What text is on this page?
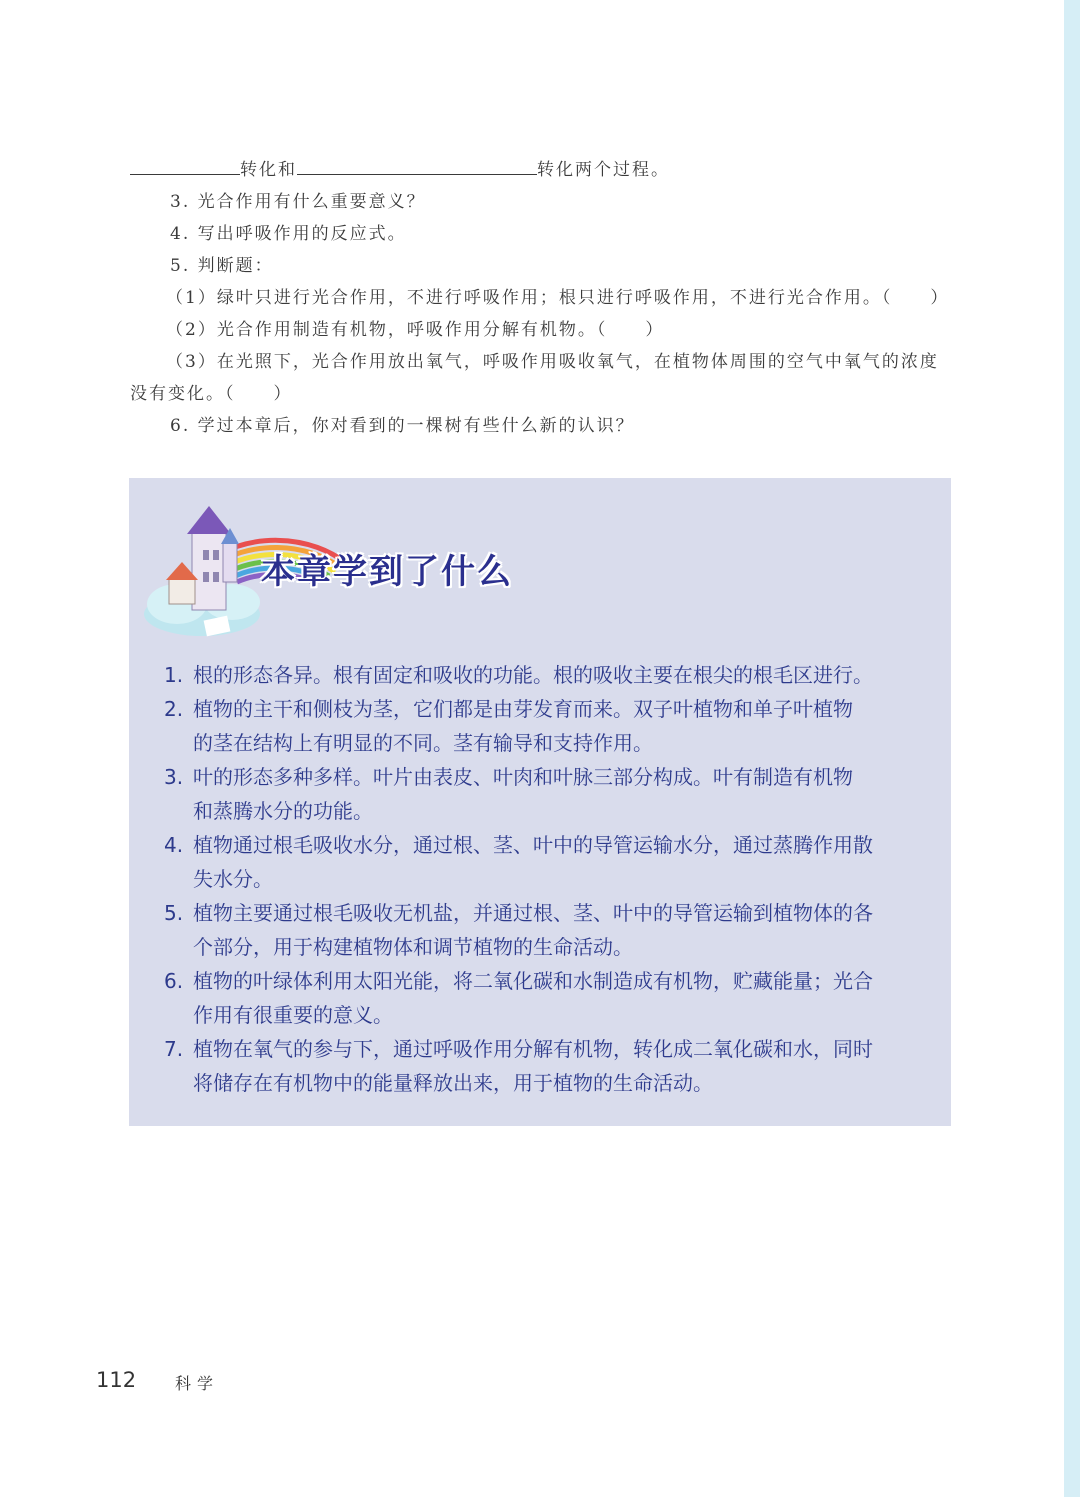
转化和	转化两个过程。
3. 光合作用有什么重要意义？
4. 写出呼吸作用的反应式。
5. 判断题：
（1）绿叶只进行光合作用，不进行呼吸作用；根只进行呼吸作用，不进行光合作用。（　　）
（2）光合作用制造有机物，呼吸作用分解有机物。（　　）
（3）在光照下，光合作用放出氧气，呼吸作用吸收氧气，在植物体周围的空气中氧气的浓度
没有变化。（　　）
6. 学过本章后，你对看到的一棵树有些什么新的认识？
本章学到了什么
1. 根的形态各异。根有固定和吸收的功能。根的吸收主要在根尖的根毛区进行。
2. 植物的主干和侧枝为茎，它们都是由芽发育而来。双子叶植物和单子叶植物
的茎在结构上有明显的不同。茎有输导和支持作用。
3. 叶的形态多种多样。叶片由表皮、叶肉和叶脉三部分构成。叶有制造有机物
和蒸腾水分的功能。
4. 植物通过根毛吸收水分，通过根、茎、叶中的导管运输水分，通过蒸腾作用散
失水分。
5. 植物主要通过根毛吸收无机盐，并通过根、茎、叶中的导管运输到植物体的各
个部分，用于构建植物体和调节植物的生命活动。
6. 植物的叶绿体利用太阳光能，将二氧化碳和水制造成有机物，贮藏能量；光合
作用有很重要的意义。
7. 植物在氧气的参与下，通过呼吸作用分解有机物，转化成二氧化碳和水，同时
将储存在有机物中的能量释放出来，用于植物的生命活动。
112 科学
